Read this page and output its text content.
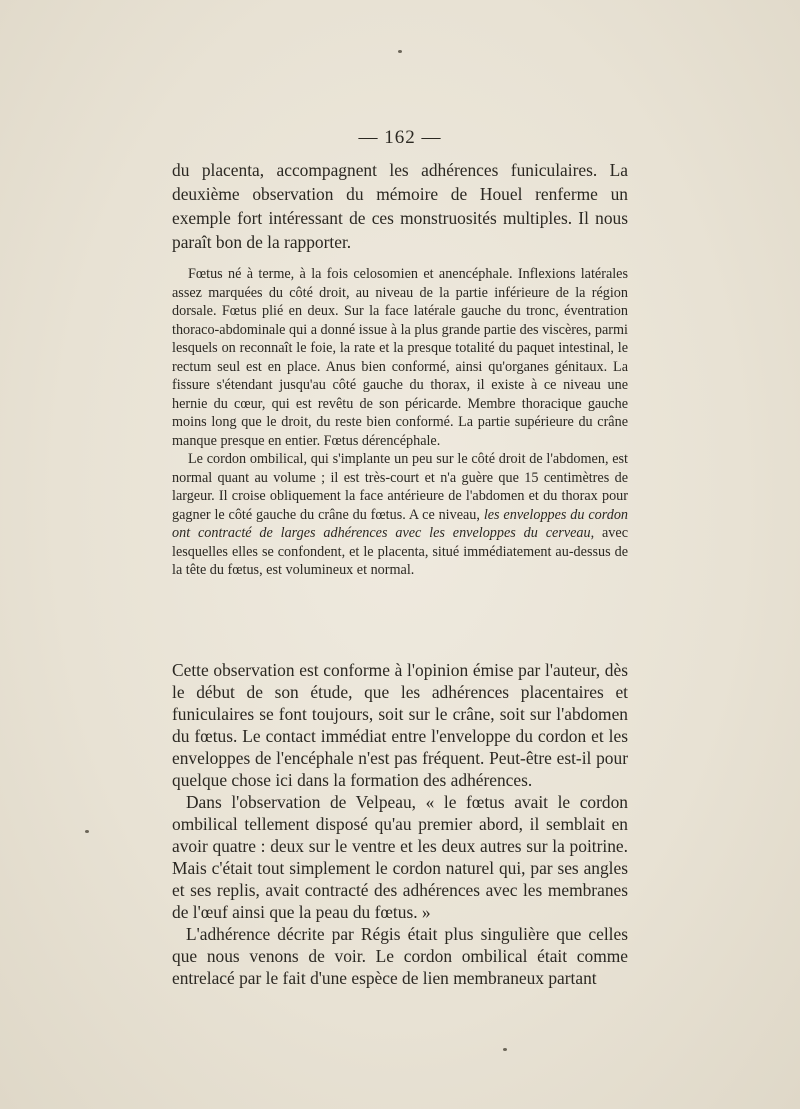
— 162 —

du placenta, accompagnent les adhérences funiculaires. La deuxième observation du mémoire de Houel renferme un exemple fort intéressant de ces monstruosités multiples. Il nous paraît bon de la rapporter.

Fœtus né à terme, à la fois celosomien et anencéphale. Inflexions latérales assez marquées du côté droit, au niveau de la partie inférieure de la région dorsale. Fœtus plié en deux. Sur la face latérale gauche du tronc, éventration thoraco-abdominale qui a donné issue à la plus grande partie des viscères, parmi lesquels on reconnaît le foie, la rate et la presque totalité du paquet intestinal, le rectum seul est en place. Anus bien conformé, ainsi qu'organes génitaux. La fissure s'étendant jusqu'au côté gauche du thorax, il existe à ce niveau une hernie du cœur, qui est revêtu de son péricarde. Membre thoracique gauche moins long que le droit, du reste bien conformé. La partie supérieure du crâne manque presque en entier. Fœtus dérencéphale.

Le cordon ombilical, qui s'implante un peu sur le côté droit de l'abdomen, est normal quant au volume ; il est très-court et n'a guère que 15 centimètres de largeur. Il croise obliquement la face antérieure de l'abdomen et du thorax pour gagner le côté gauche du crâne du fœtus. A ce niveau, les enveloppes du cordon ont contracté de larges adhérences avec les enveloppes du cerveau, avec lesquelles elles se confondent, et le placenta, situé immédiatement au-dessus de la tête du fœtus, est volumineux et normal.

Cette observation est conforme à l'opinion émise par l'auteur, dès le début de son étude, que les adhérences placentaires et funiculaires se font toujours, soit sur le crâne, soit sur l'abdomen du fœtus. Le contact immédiat entre l'enveloppe du cordon et les enveloppes de l'encéphale n'est pas fréquent. Peut-être est-il pour quelque chose ici dans la formation des adhérences.

Dans l'observation de Velpeau, « le fœtus avait le cordon ombilical tellement disposé qu'au premier abord, il semblait en avoir quatre : deux sur le ventre et les deux autres sur la poitrine. Mais c'était tout simplement le cordon naturel qui, par ses angles et ses replis, avait contracté des adhérences avec les membranes de l'œuf ainsi que la peau du fœtus. »

L'adhérence décrite par Régis était plus singulière que celles que nous venons de voir. Le cordon ombilical était comme entrelacé par le fait d'une espèce de lien membraneux partant
